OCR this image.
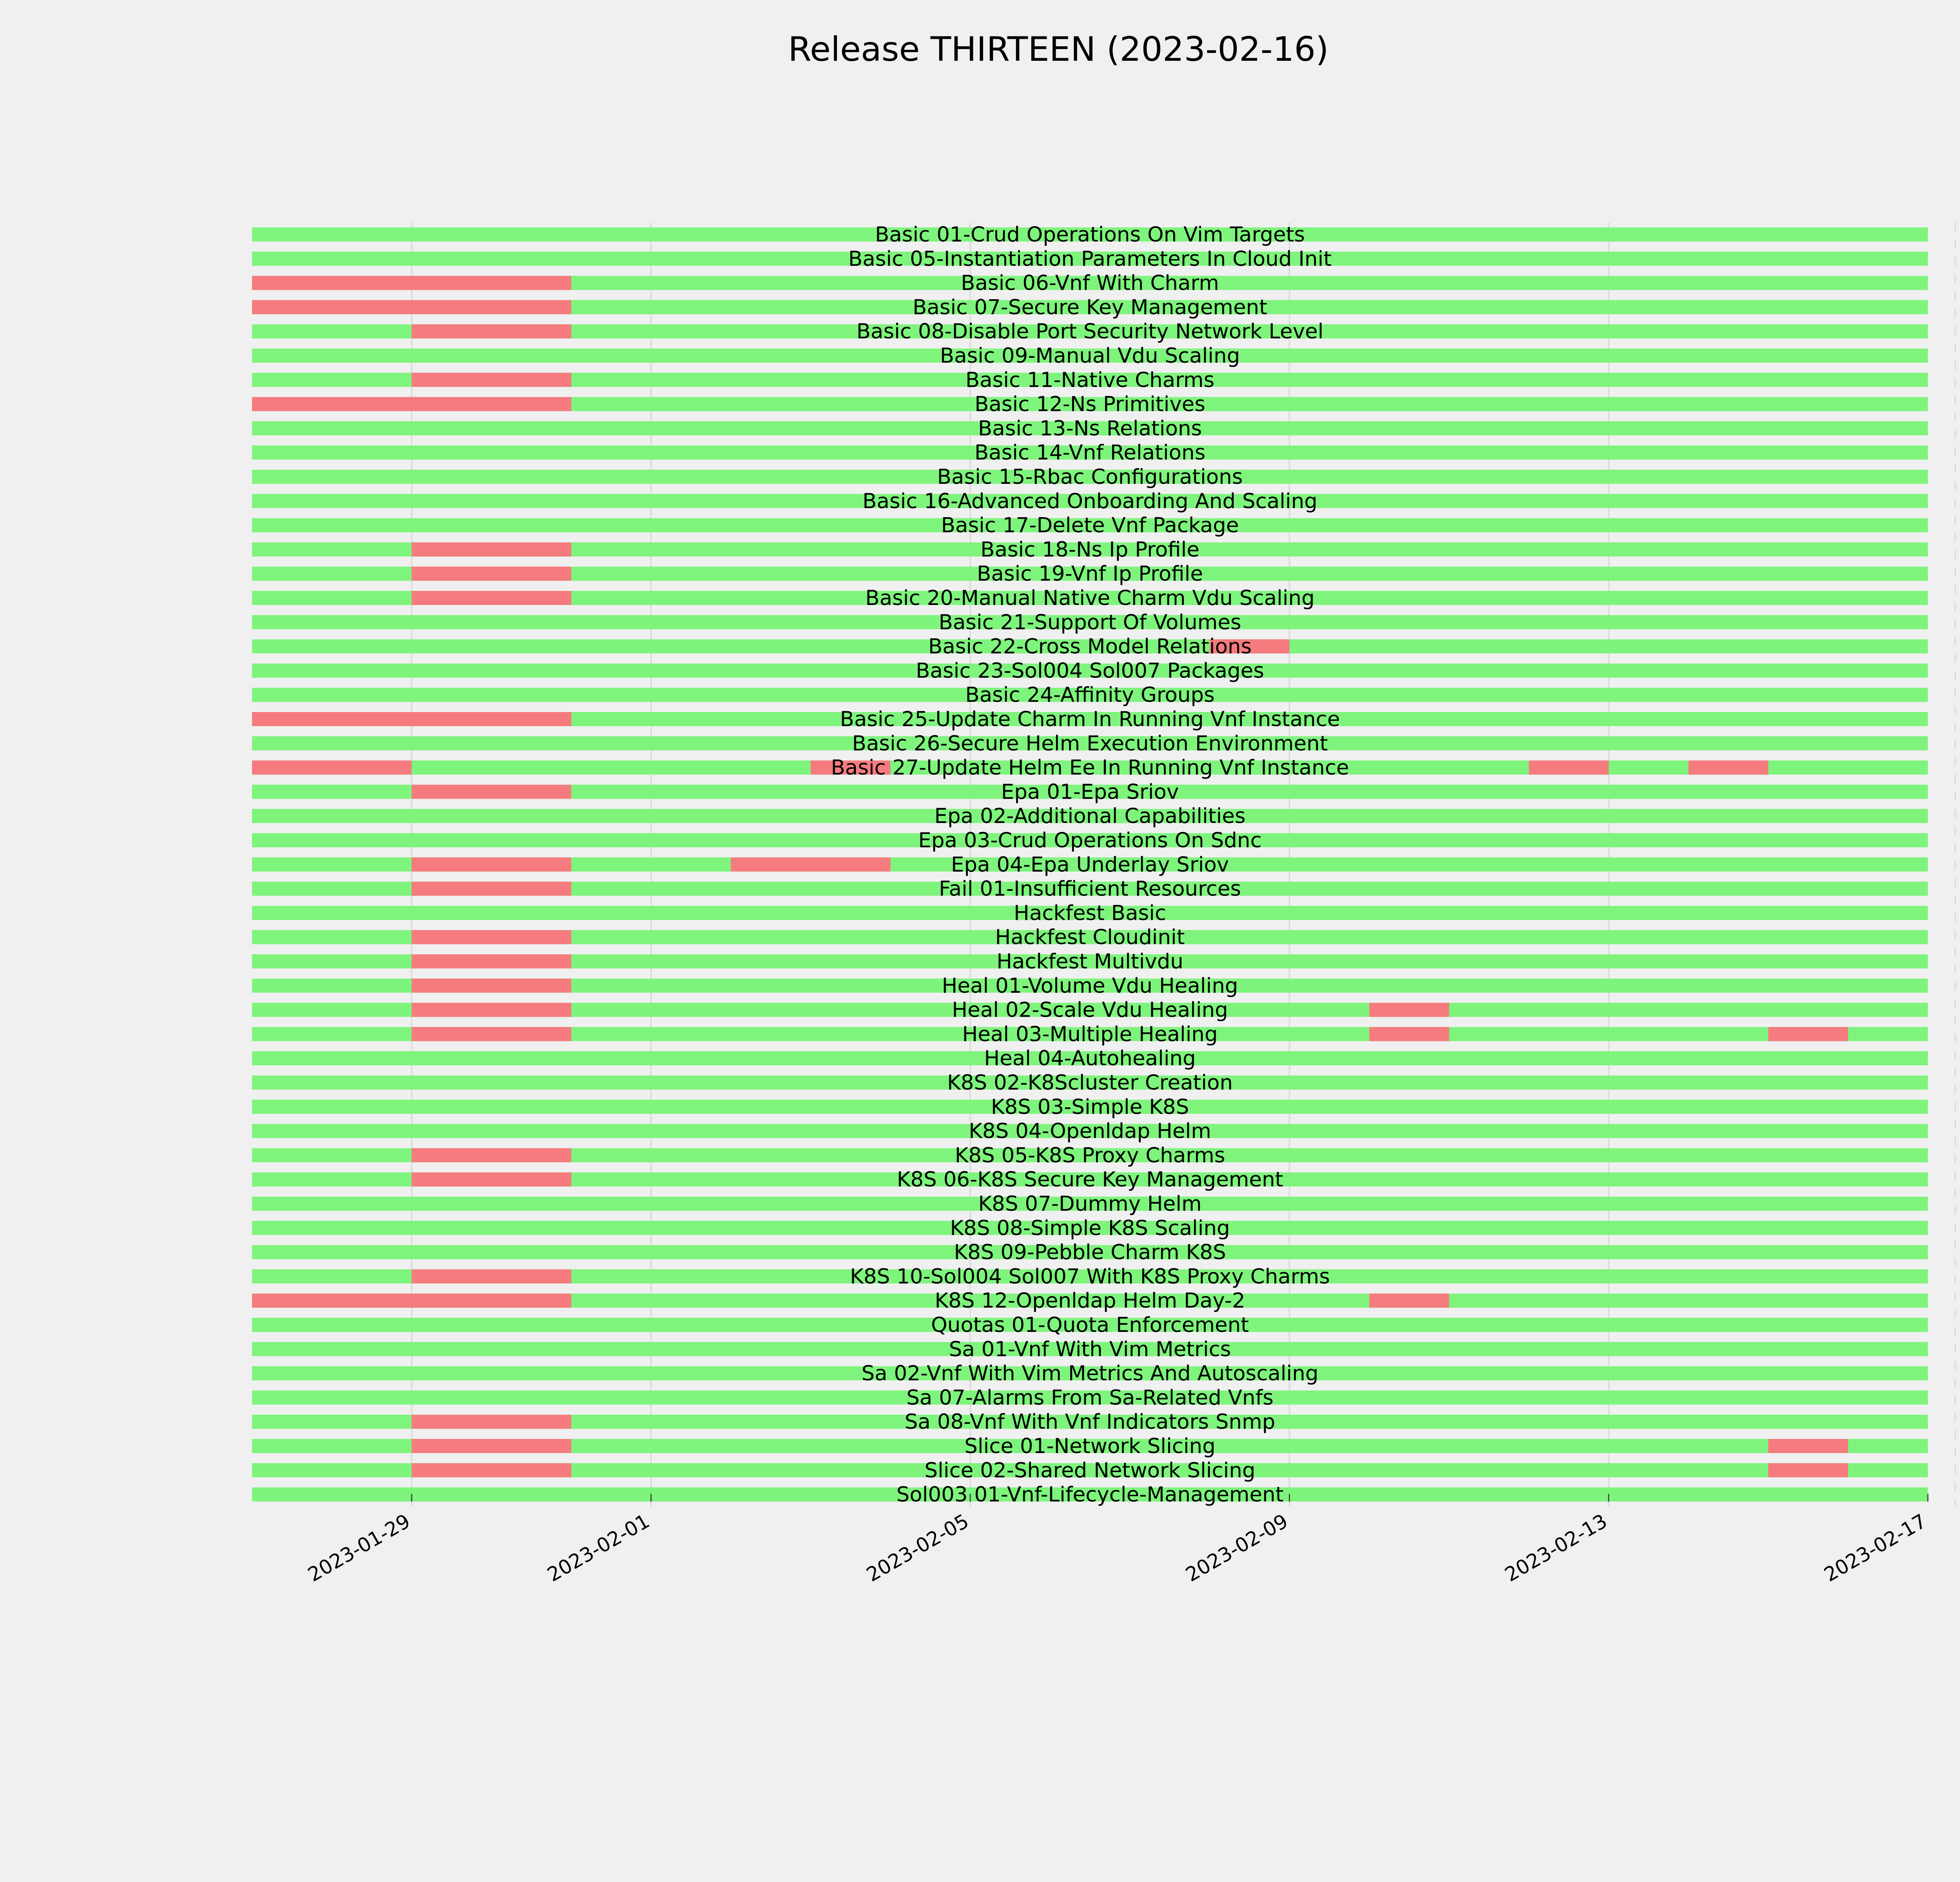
Release THIRTEEN (2023-02-16)
Basic 01-Crud Operations On Vim Targets
Basic 05-Instantiation Parameters In Cloud Init
Basic 06-Vnf With Charm
Basic 07-Secure Key Management
Basic 08-Disable Port Security Network Level
Basic 09-Manual Vdu Scaling
Basic 11-Native Charms
Basic 12-Ns Primitives
Basic 13-Ns Relations
Basic 14-Vnf Relations
Basic 15-Rbac Configurations
Basic 16-Advanced Onboarding And Scaling
Basic 17-Delete Vnf Package
Basic 18-Ns Ip Profile
Basic 19-Vnf Ip Profile
Basic 20-Manual Native Charm Vdu Scaling
Basic 21-Support Of Volumes
Basic 22-Cross Model Relations
Basic 23-Sol004 Sol007 Packages
Basic 24-Affinity Groups
Basic 25-Update Charm In Running Vnf Instance
Basic 26-Secure Helm Execution Environment
Basic 27-Update Helm Ee In Running Vnf Instance
Epa 01-Epa Sriov
Epa 02-Additional Capabilities
Epa 03-Crud Operations On Sdnc
Epa 04-Epa Underlay Sriov
Fail 01-Insufficient Resources
Hackfest Basic
Hackfest Cloudinit
Hackfest Multivdu
Heal 01-Volume Vdu Healing
Heal 02-Scale Vdu Healing
Heal 03-Multiple Healing
Heal 04-Autohealing
K8S 02-K8Scluster Creation
K8S 03-Simple K8S
K8S 04-Openldap Helm
K8S 05-K8S Proxy Charms
K8S 06-K8S Secure Key Management
K8S 07-Dummy Helm
K8S 08-Simple K8S Scaling
K8S 09-Pebble Charm K8S
K8S 10-Sol004 Sol007 With K8S Proxy Charms
K8S 12-Openldap Helm Day-2
Quotas 01-Quota Enforcement
Sa 01-Vnf With Vim Metrics
Sa 02-Vnf With Vim Metrics And Autoscaling
Sa 07-Alarms From Sa-Related Vnfs
Sa 08-Vnf With Vnf Indicators Snmp
Slice 01-Network Slicing
Slice 02-Shared Network Slicing
Sol003 01-Vnf-Lifecycle-Management
2023-01-29	2023-02-01	2023-02-05	2023-02-09	2023-02-13	2023-02-17
